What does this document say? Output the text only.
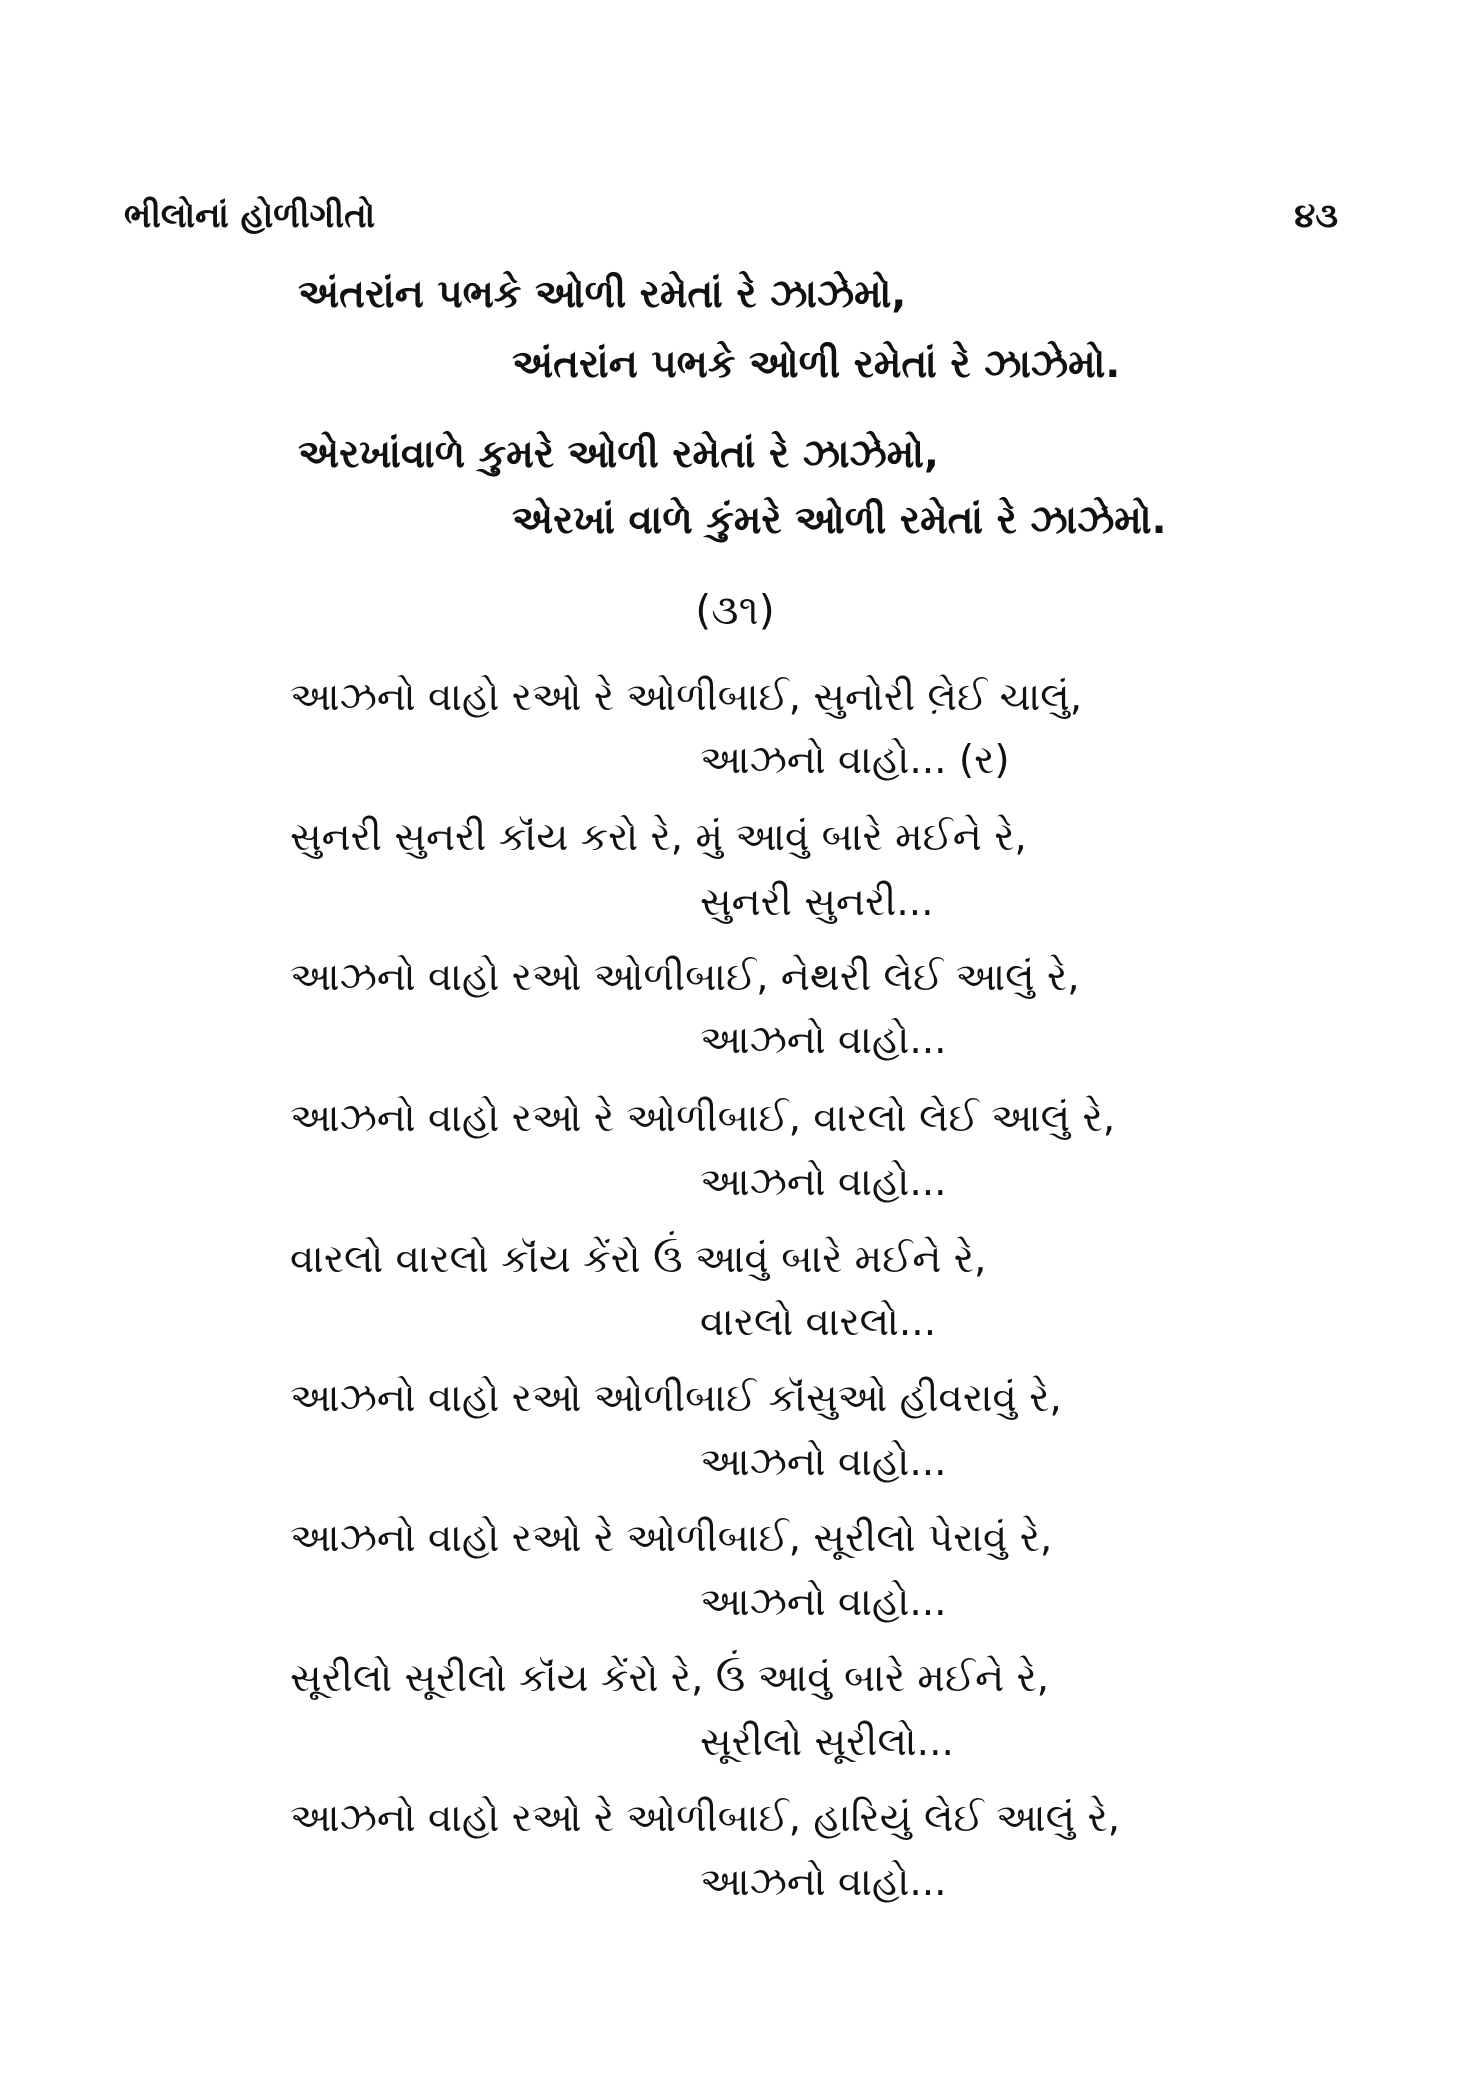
ભીલોનાં હોળીગીતો	૪૩
અંતરાંન પભકે ઓળી રમેતાં રે ઝાઝેમો,
અંતરાંન પભકે ઓળી રમેતાં રે ઝાઝેમો.
એરખાંવાળે કુમરે ઓળી રમેતાં રે ઝાઝેમો,
એરખાં વાળે કુંમરે ઓળી રમેતાં રે ઝાઝેમો.
(૩૧)
આઝનો વાહો રઓ રે ઓળીબાઈ, સુનોરી લ઼ેઈ ચાલું,
આઝનો વાહો... (ર)
સુનરી સુનરી કૉંય કરો રે, મું આવું બારે મઈને રે,
સુનરી સુનરી...
આઝનો વાહો રઓ ઓળીબાઈ, નેથરી લેઈ આલું રે,
આઝનો વાહો...
આઝનો વાહો રઓ રે ઓળીબાઈ, વારલો લેઈ આલું રે,
આઝનો વાહો...
વારલો વારલો કૉંય કેંરો ઉં આવું બારે મઈને રે,
વારલો વારલો...
આઝનો વાહો રઓ ઓળીબાઈ કૉંસુઓ હીવરાવું રે,
આઝનો વાહો...
આઝનો વાહો રઓ રે ઓળીબાઈ, સૂરીલો પેરાવું રે,
આઝનો વાહો...
સૂરીલો સૂરીલો કૉંય કેંરો રે, ઉં આવું બારે મઈને રે,
સૂરીલો સૂરીલો...
આઝનો વાહો રઓ રે ઓળીબાઈ, હારિયું લેઈ આલું રે,
આઝનો વાહો...
